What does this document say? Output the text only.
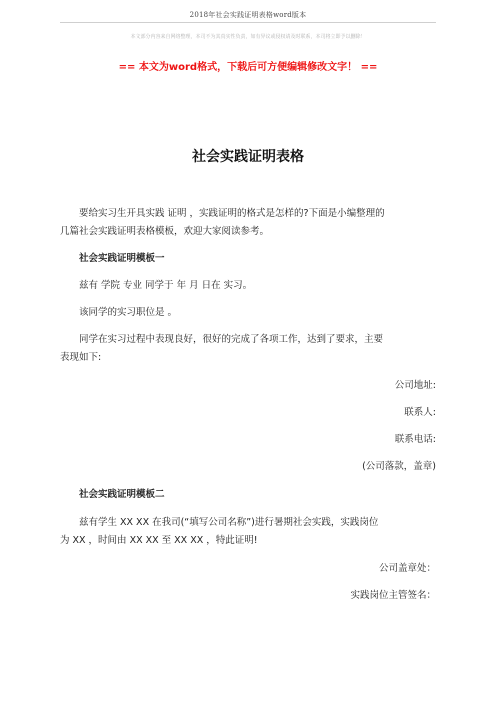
2018年社会实践证明表格word版本
本文部分内容来自网络整理，本司不为其真实性负责，如有异议或侵权请及时联系，本司将立即予以删除！
== 本文为word格式，下载后可方便编辑修改文字！ ==
社会实践证明表格
要给实习生开具实践 证明 ，实践证明的格式是怎样的?下面是小编整理的
几篇社会实践证明表格模板，欢迎大家阅读参考。
社会实践证明模板一
兹有 学院 专业 同学于 年 月 日在 实习。
该同学的实习职位是 。
同学在实习过程中表现良好，很好的完成了各项工作，达到了要求，主要
表现如下:
公司地址:
联系人:
联系电话:
(公司落款，盖章)
社会实践证明模板二
兹有学生 XX XX 在我司(“填写公司名称”)进行暑期社会实践，实践岗位
为 XX ，时间由 XX XX 至 XX XX ，特此证明!
公司盖章处：
实践岗位主管签名：
